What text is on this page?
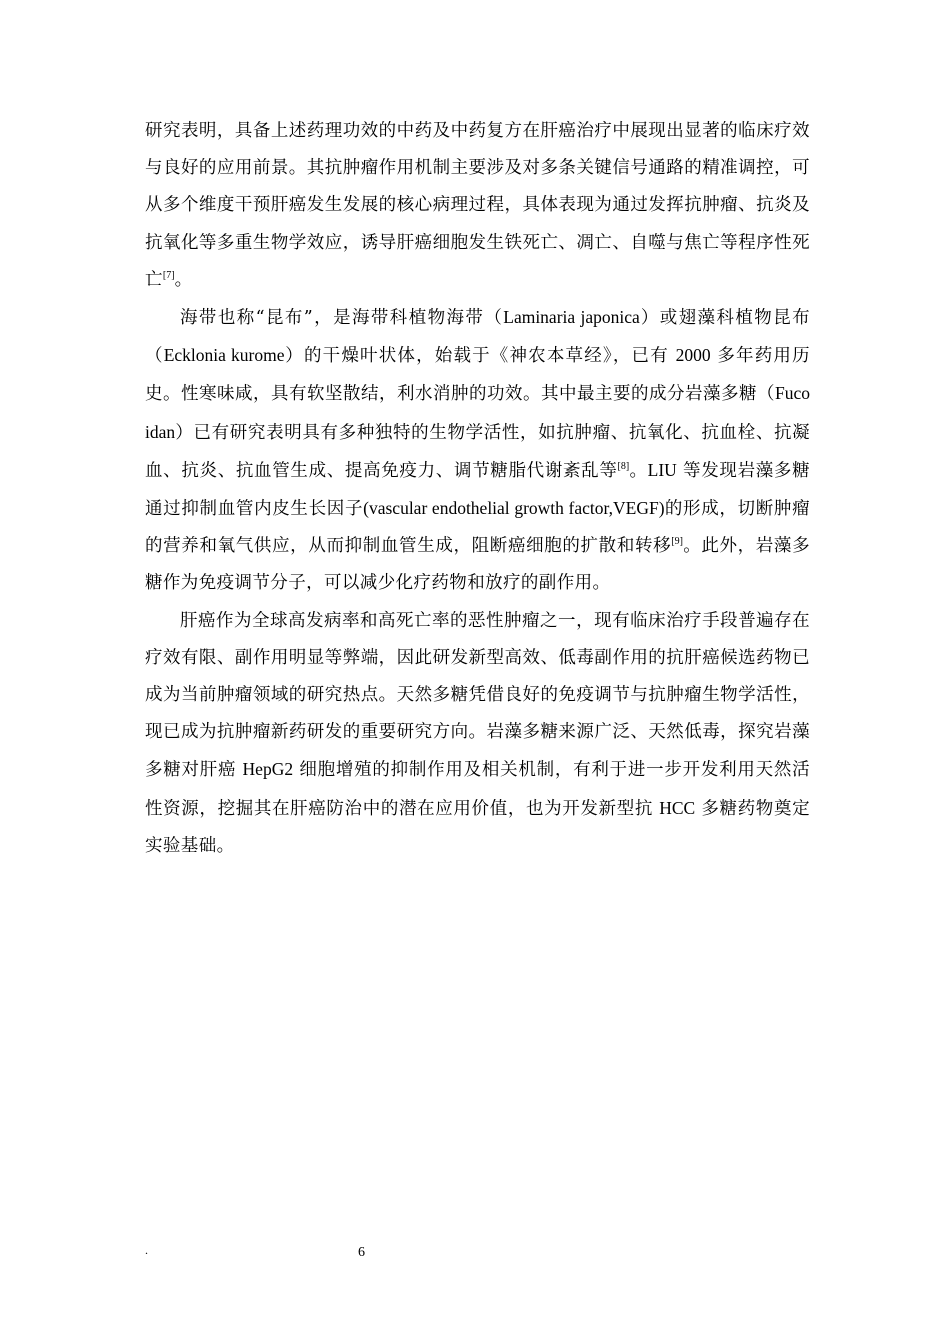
研究表明，具备上述药理功效的中药及中药复方在肝癌治疗中展现出显著的临床疗效与良好的应用前景。其抗肿瘤作用机制主要涉及对多条关键信号通路的精准调控，可从多个维度干预肝癌发生发展的核心病理过程，具体表现为通过发挥抗肿瘤、抗炎及抗氧化等多重生物学效应，诱导肝癌细胞发生铁死亡、凋亡、自噬与焦亡等程序性死亡[7]。

海带也称“昆布”，是海带科植物海带（Laminaria japonica）或翅藻科植物昆布（Ecklonia kurome）的干燥叶状体，始载于《神农本草经》，已有 2000 多年药用历史。性寒味咸，具有软坚散结，利水消肿的功效。其中最主要的成分岩藻多糖（Fucoidan）已有研究表明具有多种独特的生物学活性，如抗肿瘤、抗氧化、抗血栓、抗凝血、抗炎、抗血管生成、提高免疫力、调节糖脂代谢紊乱等[8]。LIU 等发现岩藻多糖通过抑制血管内皮生长因子(vascular endothelial growth factor,VEGF)的形成，切断肿瘤的营养和氧气供应，从而抑制血管生成，阻断癌细胞的扩散和转移[9]。此外，岩藻多糖作为免疫调节分子，可以减少化疗药物和放疗的副作用。

肝癌作为全球高发病率和高死亡率的恶性肿瘤之一，现有临床治疗手段普遍存在疗效有限、副作用明显等弊端，因此研发新型高效、低毒副作用的抗肝癌候选药物已成为当前肿瘤领域的研究热点。天然多糖凭借良好的免疫调节与抗肿瘤生物学活性，现已成为抗肿瘤新药研发的重要研究方向。岩藻多糖来源广泛、天然低毒，探究岩藻多糖对肝癌 HepG2 细胞增殖的抑制作用及相关机制，有利于进一步开发利用天然活性资源，挖掘其在肝癌防治中的潜在应用价值，也为开发新型抗 HCC 多糖药物奠定实验基础。

.	6
